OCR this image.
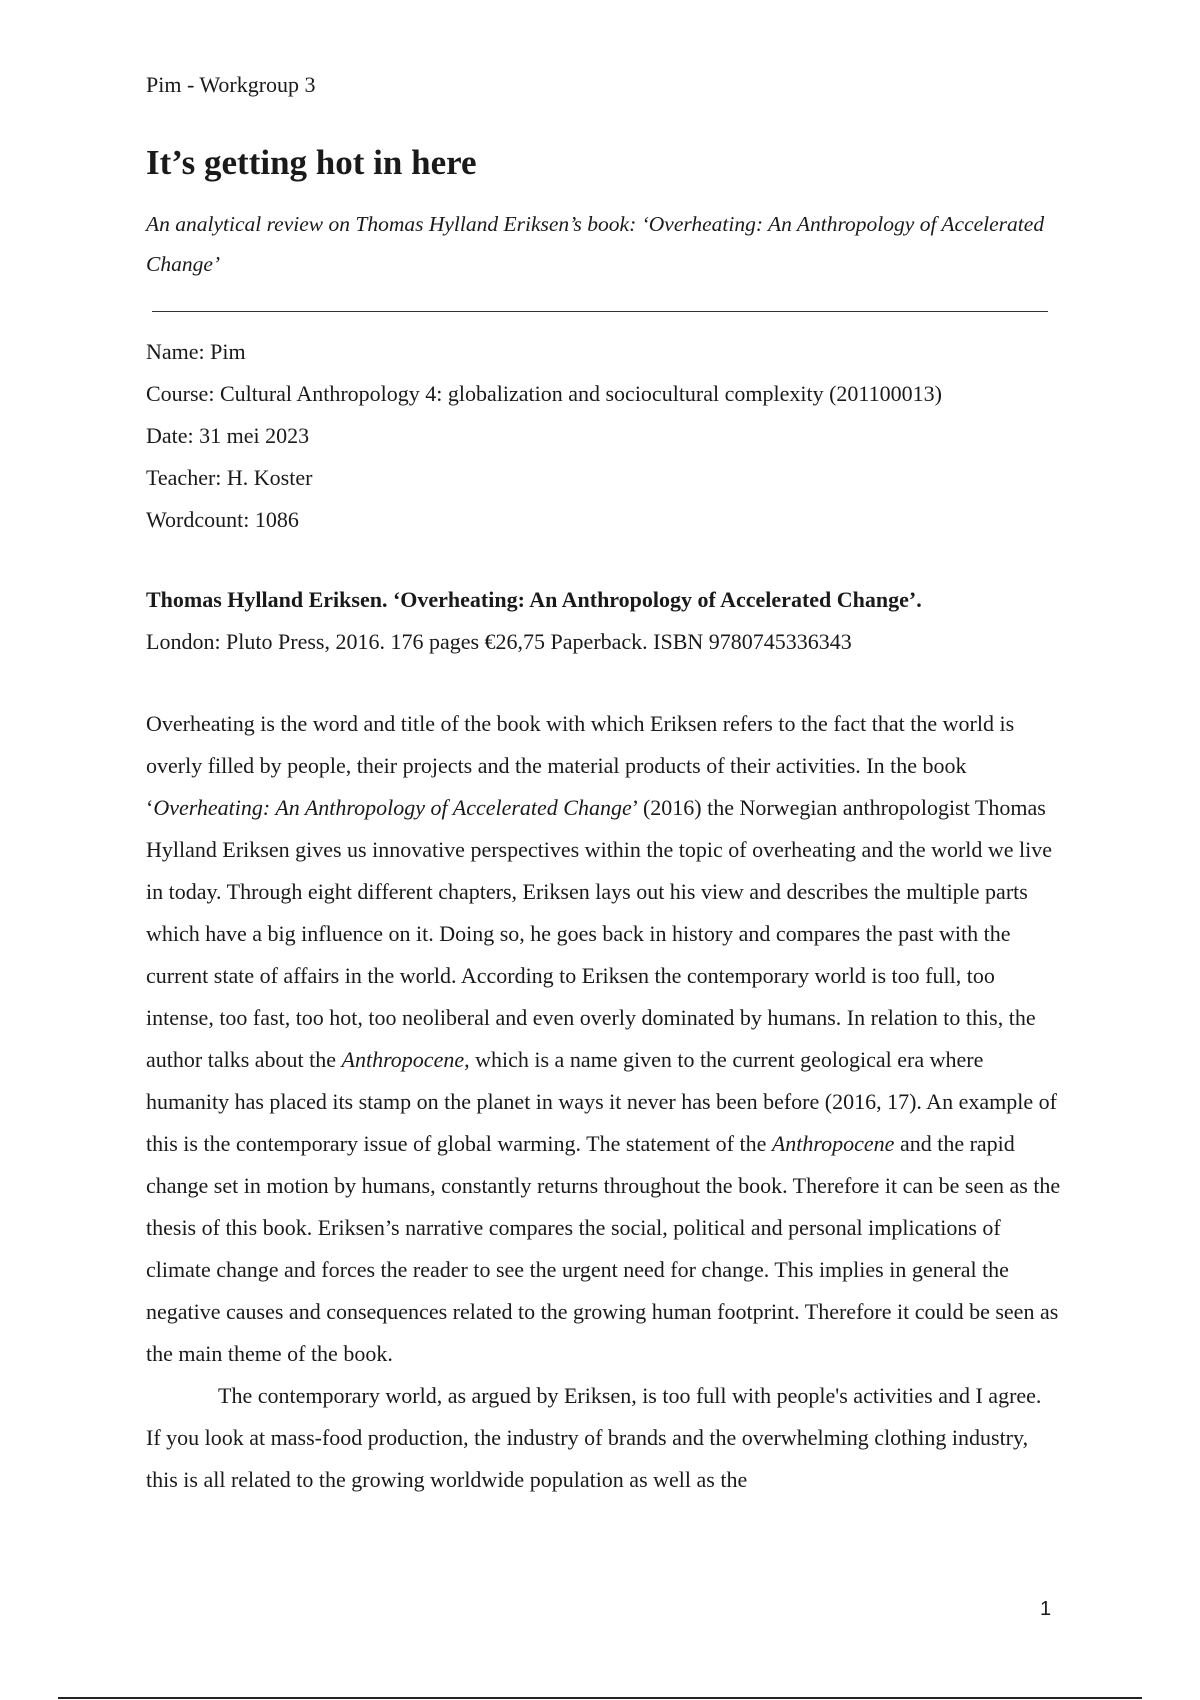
Pim - Workgroup 3
It’s getting hot in here
An analytical review on Thomas Hylland Eriksen’s book: ‘Overheating: An Anthropology of Accelerated Change’
Name: Pim
Course: Cultural Anthropology 4: globalization and sociocultural complexity (201100013)
Date: 31 mei 2023
Teacher: H. Koster
Wordcount: 1086
Thomas Hylland Eriksen. ‘Overheating: An Anthropology of Accelerated Change’.
London: Pluto Press, 2016. 176 pages €26,75 Paperback. ISBN 9780745336343

Overheating is the word and title of the book with which Eriksen refers to the fact that the world is overly filled by people, their projects and the material products of their activities. In the book ‘Overheating: An Anthropology of Accelerated Change’ (2016) the Norwegian anthropologist Thomas Hylland Eriksen gives us innovative perspectives within the topic of overheating and the world we live in today. Through eight different chapters, Eriksen lays out his view and describes the multiple parts which have a big influence on it. Doing so, he goes back in history and compares the past with the current state of affairs in the world. According to Eriksen the contemporary world is too full, too intense, too fast, too hot, too neoliberal and even overly dominated by humans. In relation to this, the author talks about the Anthropocene, which is a name given to the current geological era where humanity has placed its stamp on the planet in ways it never has been before (2016, 17). An example of this is the contemporary issue of global warming. The statement of the Anthropocene and the rapid change set in motion by humans, constantly returns throughout the book. Therefore it can be seen as the thesis of this book. Eriksen’s narrative compares the social, political and personal implications of climate change and forces the reader to see the urgent need for change. This implies in general the negative causes and consequences related to the growing human footprint. Therefore it could be seen as the main theme of the book.

The contemporary world, as argued by Eriksen, is too full with people's activities and I agree. If you look at mass-food production, the industry of brands and the overwhelming clothing industry, this is all related to the growing worldwide population as well as the

1
